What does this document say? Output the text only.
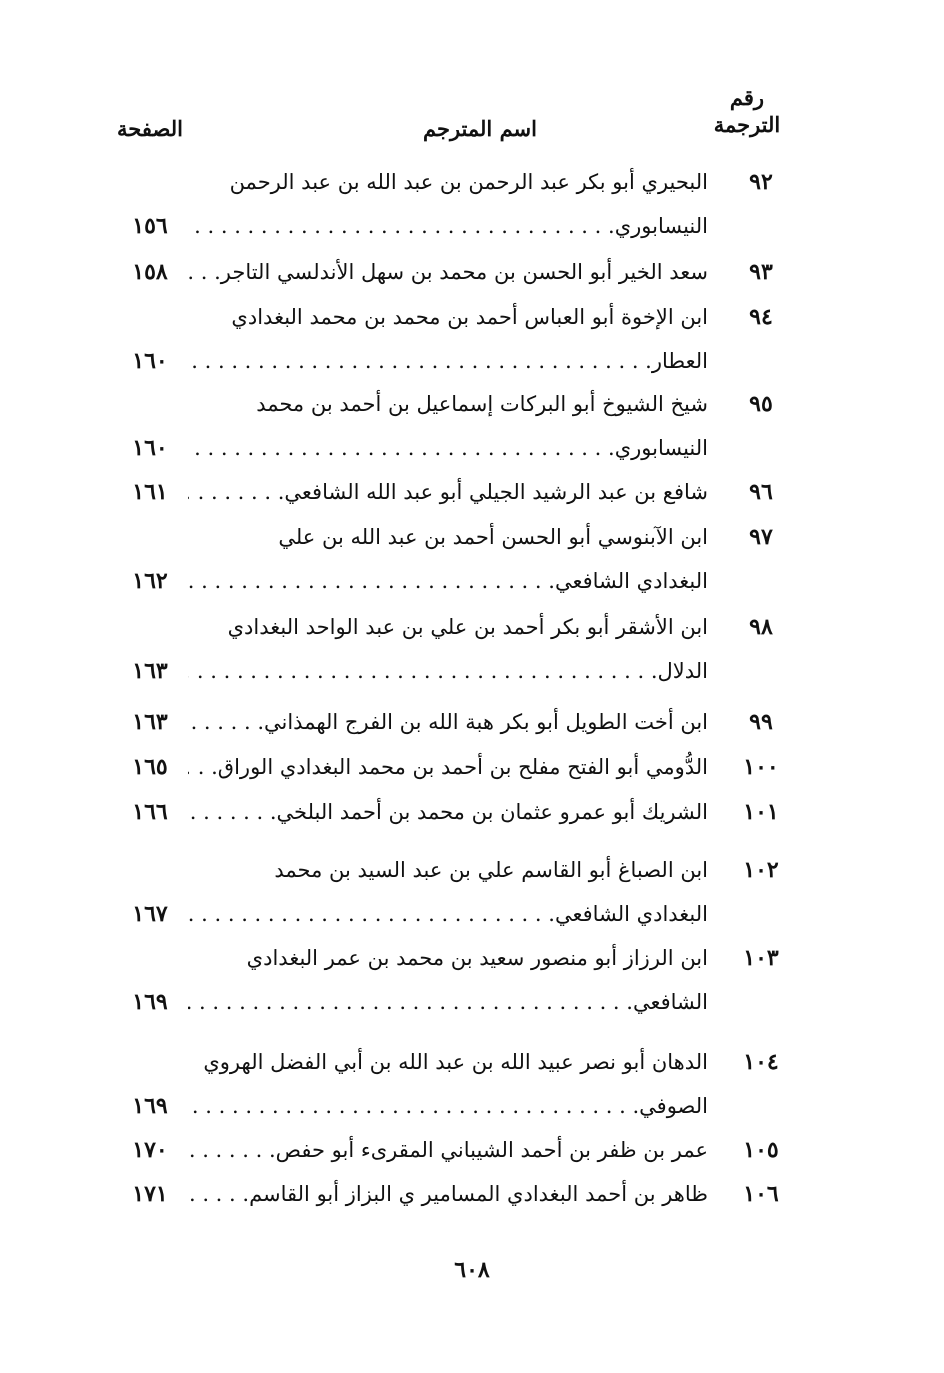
رقم
الترجمة
اسم المترجم
الصفحة
٩٢
البحيري أبو بكر عبد الرحمن بن عبد الله بن عبد الرحمن
النيسابوري . . .
١٥٦
٩٣
سعد الخير أبو الحسن بن محمد بن سهل الأندلسي التاجر . . .
١٥٨
٩٤
ابن الإخوة أبو العباس أحمد بن محمد بن محمد البغدادي
العطار . . .
١٦٠
٩٥
شيخ الشيوخ أبو البركات إسماعيل بن أحمد بن محمد
النيسابوري . . .
١٦٠
٩٦
شافع بن عبد الرشيد الجيلي أبو عبد الله الشافعي . . .
١٦١
٩٧
ابن الآبنوسي أبو الحسن أحمد بن عبد الله بن علي
البغدادي الشافعي . . .
١٦٢
٩٨
ابن الأشقر أبو بكر أحمد بن علي بن عبد الواحد البغدادي
الدلال . . .
١٦٣
٩٩
ابن أخت الطويل أبو بكر هبة الله بن الفرج الهمذاني . . .
١٦٣
١٠٠
الدُّومي أبو الفتح مفلح بن أحمد بن محمد البغدادي الوراق . . .
١٦٥
١٠١
الشريك أبو عمرو عثمان بن محمد بن أحمد البلخي . . .
١٦٦
١٠٢
ابن الصباغ أبو القاسم علي بن عبد السيد بن محمد
البغدادي الشافعي . . .
١٦٧
١٠٣
ابن الرزاز أبو منصور سعيد بن محمد بن عمر البغدادي
الشافعي . . .
١٦٩
١٠٤
الدهان أبو نصر عبيد الله بن عبد الله بن أبي الفضل الهروي
الصوفي . . .
١٦٩
١٠٥
عمر بن ظفر بن أحمد الشيباني المقرىء أبو حفص . . .
١٧٠
١٠٦
ظاهر بن أحمد البغدادي المسامير ي البزاز أبو القاسم . . .
١٧١
٦٠٨
